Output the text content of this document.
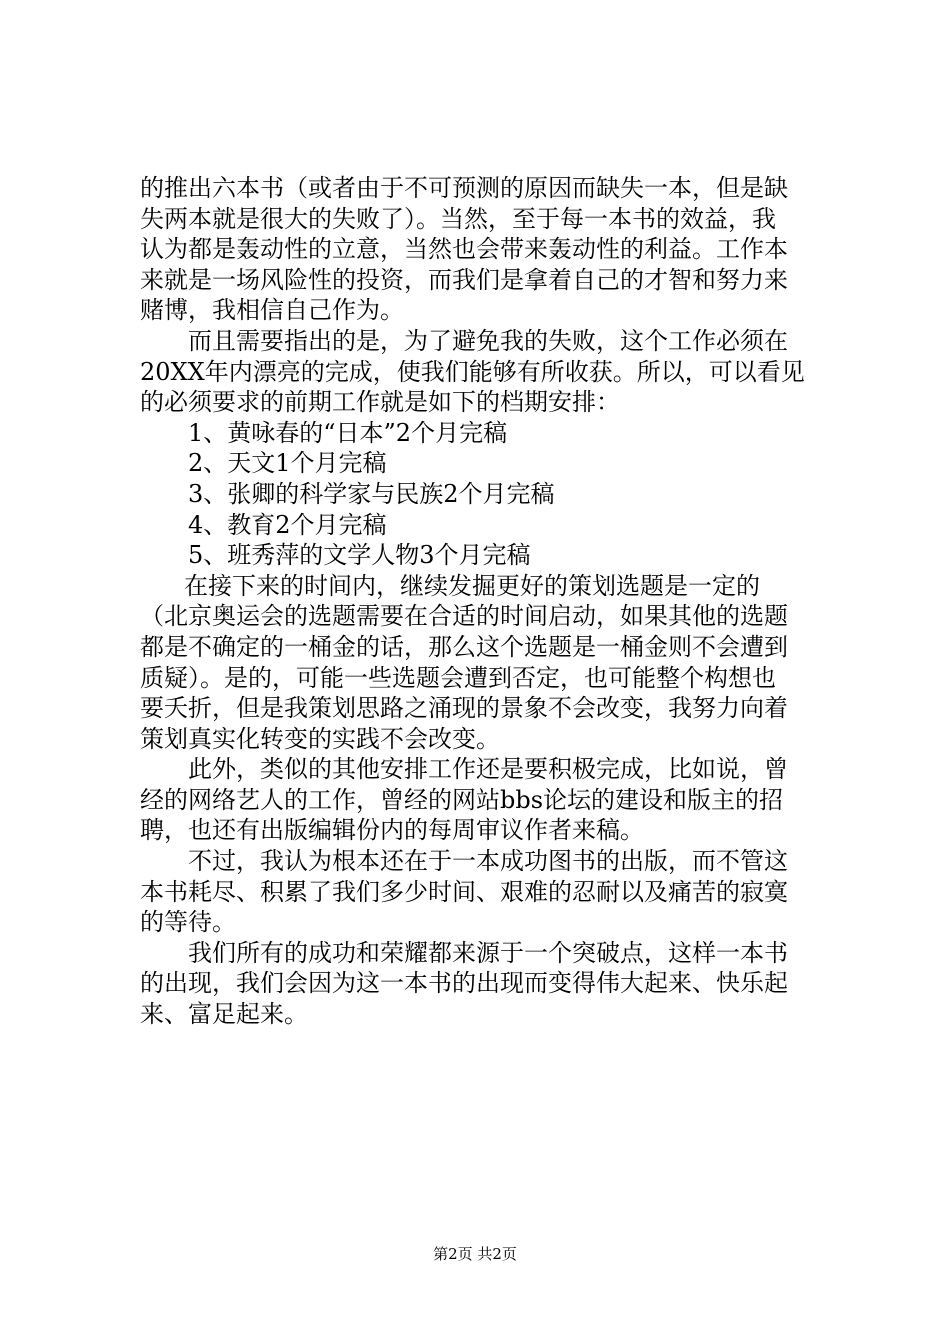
的推出六本书（或者由于不可预测的原因而缺失一本，但是缺
失两本就是很大的失败了）。当然，至于每一本书的效益，我
认为都是轰动性的立意，当然也会带来轰动性的利益。工作本
来就是一场风险性的投资，而我们是拿着自己的才智和努力来
赌博，我相信自己作为。
而且需要指出的是，为了避免我的失败，这个工作必须在
20XX年内漂亮的完成，使我们能够有所收获。所以，可以看见
的必须要求的前期工作就是如下的档期安排：
1、黄咏春的“日本”2个月完稿
2、天文1个月完稿
3、张卿的科学家与民族2个月完稿
4、教育2个月完稿
5、班秀萍的文学人物3个月完稿
在接下来的时间内，继续发掘更好的策划选题是一定的
（北京奥运会的选题需要在合适的时间启动，如果其他的选题
都是不确定的一桶金的话，那么这个选题是一桶金则不会遭到
质疑）。是的，可能一些选题会遭到否定，也可能整个构想也
要夭折，但是我策划思路之涌现的景象不会改变，我努力向着
策划真实化转变的实践不会改变。
此外，类似的其他安排工作还是要积极完成，比如说，曾
经的网络艺人的工作，曾经的网站bbs论坛的建设和版主的招
聘，也还有出版编辑份内的每周审议作者来稿。
不过，我认为根本还在于一本成功图书的出版，而不管这
本书耗尽、积累了我们多少时间、艰难的忍耐以及痛苦的寂寞
的等待。
我们所有的成功和荣耀都来源于一个突破点，这样一本书
的出现，我们会因为这一本书的出现而变得伟大起来、快乐起
来、富足起来。
第2页 共2页
